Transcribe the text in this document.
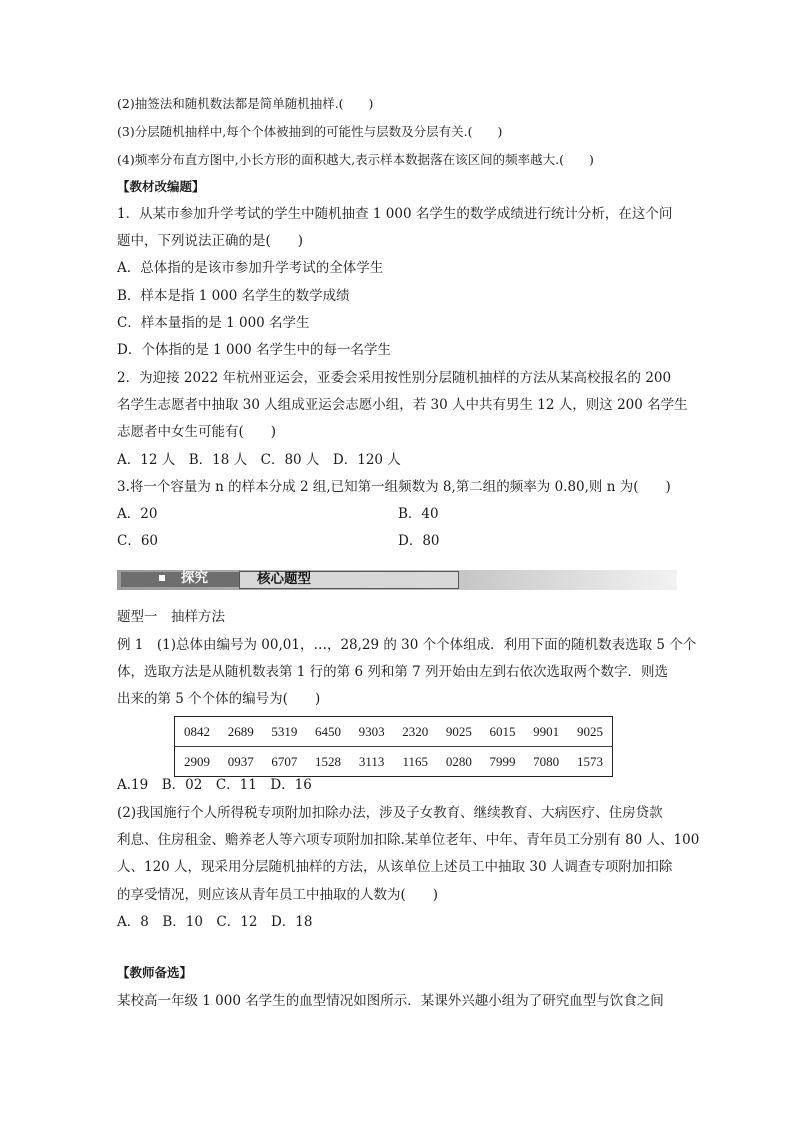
(2)抽签法和随机数法都是简单随机抽样.(　　)
(3)分层随机抽样中,每个个体被抽到的可能性与层数及分层有关.(　　)
(4)频率分布直方图中,小长方形的面积越大,表示样本数据落在该区间的频率越大.(　　)
【教材改编题】
1．从某市参加升学考试的学生中随机抽查 1 000 名学生的数学成绩进行统计分析，在这个问
题中，下列说法正确的是(　　)
A．总体指的是该市参加升学考试的全体学生
B．样本是指 1 000 名学生的数学成绩
C．样本量指的是 1 000 名学生
D．个体指的是 1 000 名学生中的每一名学生
2．为迎接 2022 年杭州亚运会，亚委会采用按性别分层随机抽样的方法从某高校报名的 200
名学生志愿者中抽取 30 人组成亚运会志愿小组，若 30 人中共有男生 12 人，则这 200 名学生
志愿者中女生可能有(　　)
A．12 人　B．18 人　C．80 人　D．120 人
3.将一个容量为 n 的样本分成 2 组,已知第一组频数为 8,第二组的频率为 0.80,则 n 为(　　)
A．20	B．40
C．60	D．80
探究	核心题型
题型一　抽样方法
例 1　(1)总体由编号为 00,01，…，28,29 的 30 个个体组成．利用下面的随机数表选取 5 个个
体，选取方法是从随机数表第 1 行的第 6 列和第 7 列开始由左到右依次选取两个数字．则选
出来的第 5 个个体的编号为(　　)
0842	2689	5319	6450	9303	2320	9025	6015	9901	9025
2909	0937	6707	1528	3113	1165	0280	7999	7080	1573
A.19　B．02　C．11　D．16
(2)我国施行个人所得税专项附加扣除办法，涉及子女教育、继续教育、大病医疗、住房贷款
利息、住房租金、赡养老人等六项专项附加扣除.某单位老年、中年、青年员工分别有 80 人、100
人、120 人，现采用分层随机抽样的方法，从该单位上述员工中抽取 30 人调查专项附加扣除
的享受情况，则应该从青年员工中抽取的人数为(　　)
A．8　B．10　C．12　D．18
【教师备选】
某校高一年级 1 000 名学生的血型情况如图所示．某课外兴趣小组为了研究血型与饮食之间
